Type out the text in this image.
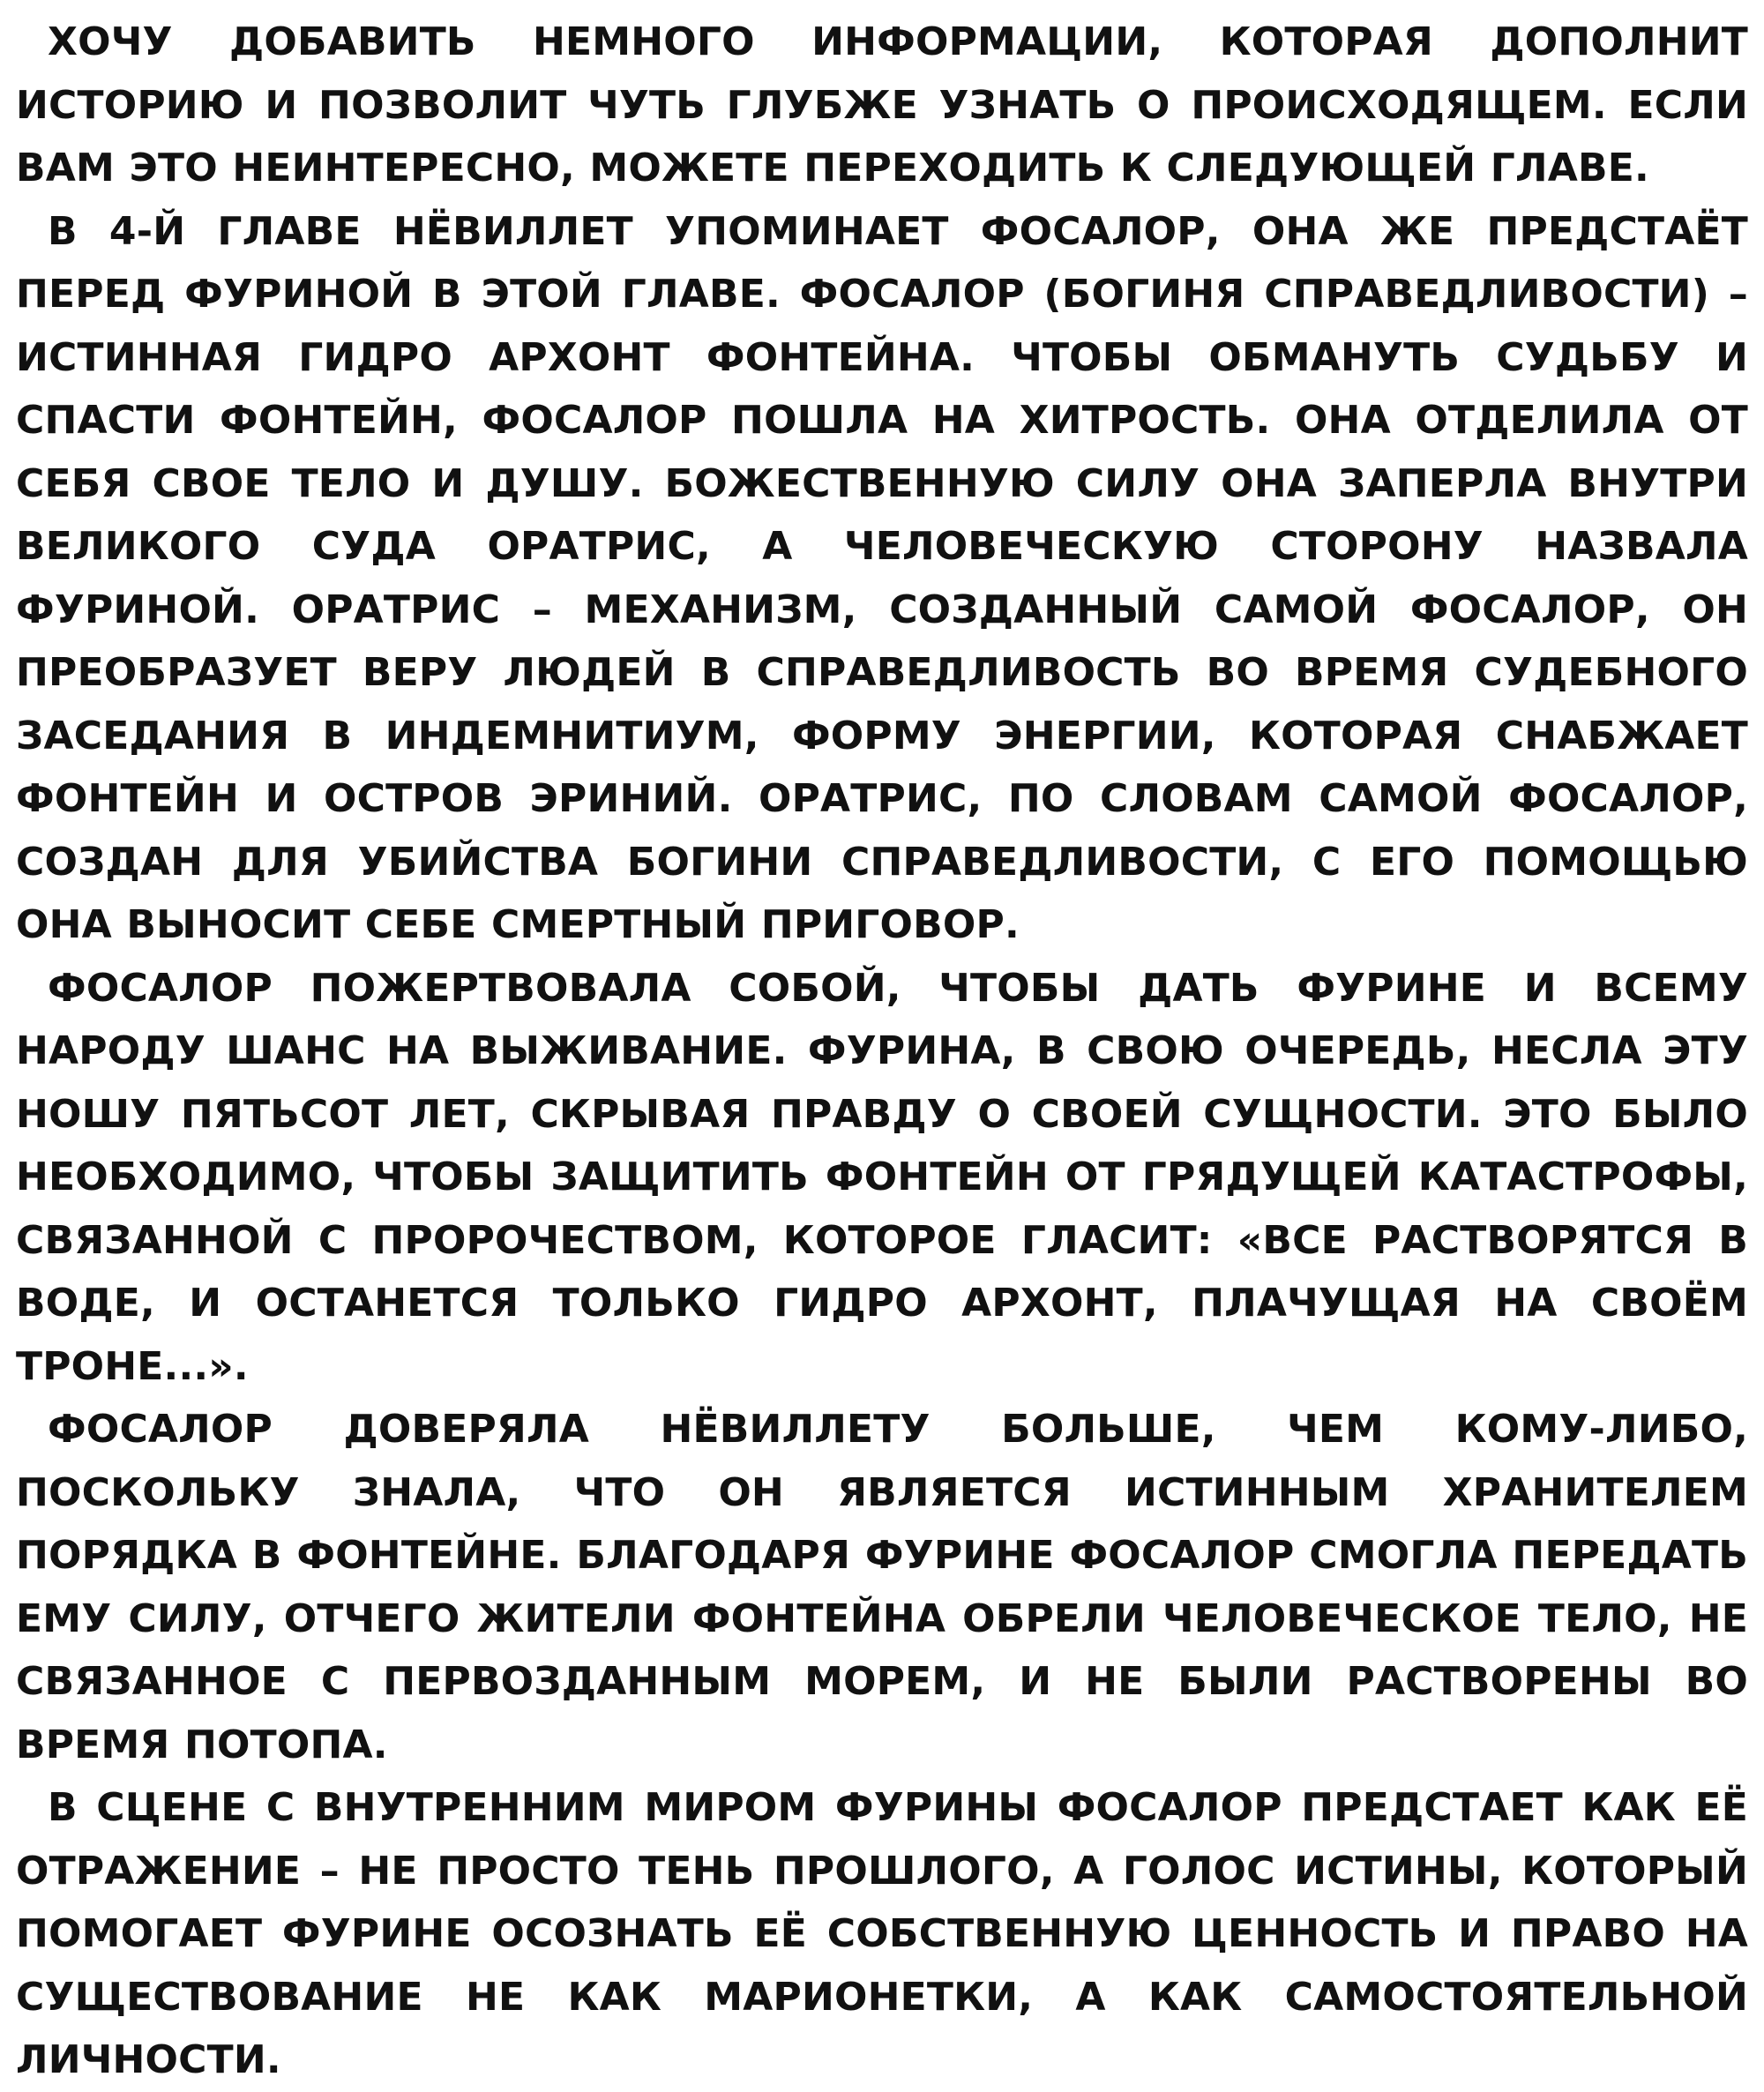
ХОЧУ ДОБАВИТЬ НЕМНОГО ИНФОРМАЦИИ, КОТОРАЯ ДОПОЛНИТ ИСТОРИЮ И ПОЗВОЛИТ ЧУТЬ ГЛУБЖЕ УЗНАТЬ О ПРОИСХОДЯЩЕМ. ЕСЛИ ВАМ ЭТО НЕИНТЕРЕСНО, МОЖЕТЕ ПЕРЕХОДИТЬ К СЛЕДУЮЩЕЙ ГЛАВЕ.

В 4-Й ГЛАВЕ НЁВИЛЛЕТ УПОМИНАЕТ ФОСАЛОР, ОНА ЖЕ ПРЕДСТАЁТ ПЕРЕД ФУРИНОЙ В ЭТОЙ ГЛАВЕ. ФОСАЛОР (БОГИНЯ СПРАВЕДЛИВОСТИ) – ИСТИННАЯ ГИДРО АРХОНТ ФОНТЕЙНА. ЧТОБЫ ОБМАНУТЬ СУДЬБУ И СПАСТИ ФОНТЕЙН, ФОСАЛОР ПОШЛА НА ХИТРОСТЬ. ОНА ОТДЕЛИЛА ОТ СЕБЯ СВОЕ ТЕЛО И ДУШУ. БОЖЕСТВЕННУЮ СИЛУ ОНА ЗАПЕРЛА ВНУТРИ ВЕЛИКОГО СУДА ОРАТРИС, А ЧЕЛОВЕЧЕСКУЮ СТОРОНУ НАЗВАЛА ФУРИНОЙ. ОРАТРИС – МЕХАНИЗМ, СОЗДАННЫЙ САМОЙ ФОСАЛОР, ОН ПРЕОБРАЗУЕТ ВЕРУ ЛЮДЕЙ В СПРАВЕДЛИВОСТЬ ВО ВРЕМЯ СУДЕБНОГО ЗАСЕДАНИЯ В ИНДЕМНИТИУМ, ФОРМУ ЭНЕРГИИ, КОТОРАЯ СНАБЖАЕТ ФОНТЕЙН И ОСТРОВ ЭРИНИЙ. ОРАТРИС, ПО СЛОВАМ САМОЙ ФОСАЛОР, СОЗДАН ДЛЯ УБИЙСТВА БОГИНИ СПРАВЕДЛИВОСТИ, С ЕГО ПОМОЩЬЮ ОНА ВЫНОСИТ СЕБЕ СМЕРТНЫЙ ПРИГОВОР.

ФОСАЛОР ПОЖЕРТВОВАЛА СОБОЙ, ЧТОБЫ ДАТЬ ФУРИНЕ И ВСЕМУ НАРОДУ ШАНС НА ВЫЖИВАНИЕ. ФУРИНА, В СВОЮ ОЧЕРЕДЬ, НЕСЛА ЭТУ НОШУ ПЯТЬСОТ ЛЕТ, СКРЫВАЯ ПРАВДУ О СВОЕЙ СУЩНОСТИ. ЭТО БЫЛО НЕОБХОДИМО, ЧТОБЫ ЗАЩИТИТЬ ФОНТЕЙН ОТ ГРЯДУЩЕЙ КАТАСТРОФЫ, СВЯЗАННОЙ С ПРОРОЧЕСТВОМ, КОТОРОЕ ГЛАСИТ: «ВСЕ РАСТВОРЯТСЯ В ВОДЕ, И ОСТАНЕТСЯ ТОЛЬКО ГИДРО АРХОНТ, ПЛАЧУЩАЯ НА СВОЁМ ТРОНЕ...».

ФОСАЛОР ДОВЕРЯЛА НЁВИЛЛЕТУ БОЛЬШЕ, ЧЕМ КОМУ-ЛИБО, ПОСКОЛЬКУ ЗНАЛА, ЧТО ОН ЯВЛЯЕТСЯ ИСТИННЫМ ХРАНИТЕЛЕМ ПОРЯДКА В ФОНТЕЙНЕ. БЛАГОДАРЯ ФУРИНЕ ФОСАЛОР СМОГЛА ПЕРЕДАТЬ ЕМУ СИЛУ, ОТЧЕГО ЖИТЕЛИ ФОНТЕЙНА ОБРЕЛИ ЧЕЛОВЕЧЕСКОЕ ТЕЛО, НЕ СВЯЗАННОЕ С ПЕРВОЗДАННЫМ МОРЕМ, И НЕ БЫЛИ РАСТВОРЕНЫ ВО ВРЕМЯ ПОТОПА.

В СЦЕНЕ С ВНУТРЕННИМ МИРОМ ФУРИНЫ ФОСАЛОР ПРЕДСТАЕТ КАК ЕЁ ОТРАЖЕНИЕ – НЕ ПРОСТО ТЕНЬ ПРОШЛОГО, А ГОЛОС ИСТИНЫ, КОТОРЫЙ ПОМОГАЕТ ФУРИНЕ ОСОЗНАТЬ ЕЁ СОБСТВЕННУЮ ЦЕННОСТЬ И ПРАВО НА СУЩЕСТВОВАНИЕ НЕ КАК МАРИОНЕТКИ, А КАК САМОСТОЯТЕЛЬНОЙ ЛИЧНОСТИ.
